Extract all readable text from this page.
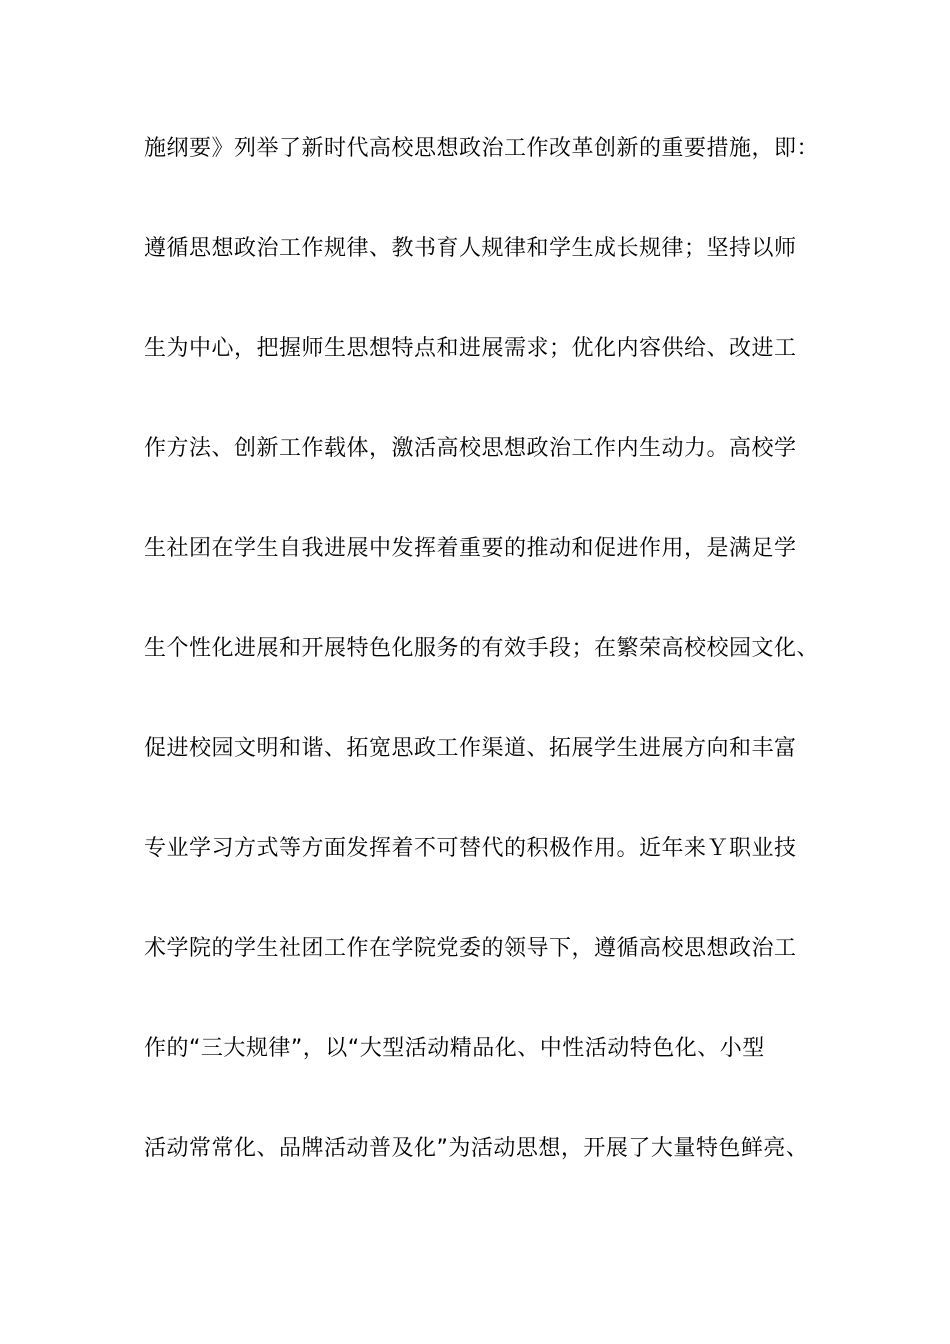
施纲要》列举了新时代高校思想政治工作改革创新的重要措施，即：
遵循思想政治工作规律、教书育人规律和学生成长规律；坚持以师
生为中心，把握师生思想特点和进展需求；优化内容供给、改进工
作方法、创新工作载体，激活高校思想政治工作内生动力。高校学
生社团在学生自我进展中发挥着重要的推动和促进作用，是满足学
生个性化进展和开展特色化服务的有效手段；在繁荣高校校园文化、
促进校园文明和谐、拓宽思政工作渠道、拓展学生进展方向和丰富
专业学习方式等方面发挥着不可替代的积极作用。近年来Ｙ职业技
术学院的学生社团工作在学院党委的领导下，遵循高校思想政治工
作的“三大规律”，以“大型活动精品化、中性活动特色化、小型
活动常常化、品牌活动普及化”为活动思想，开展了大量特色鲜亮、
